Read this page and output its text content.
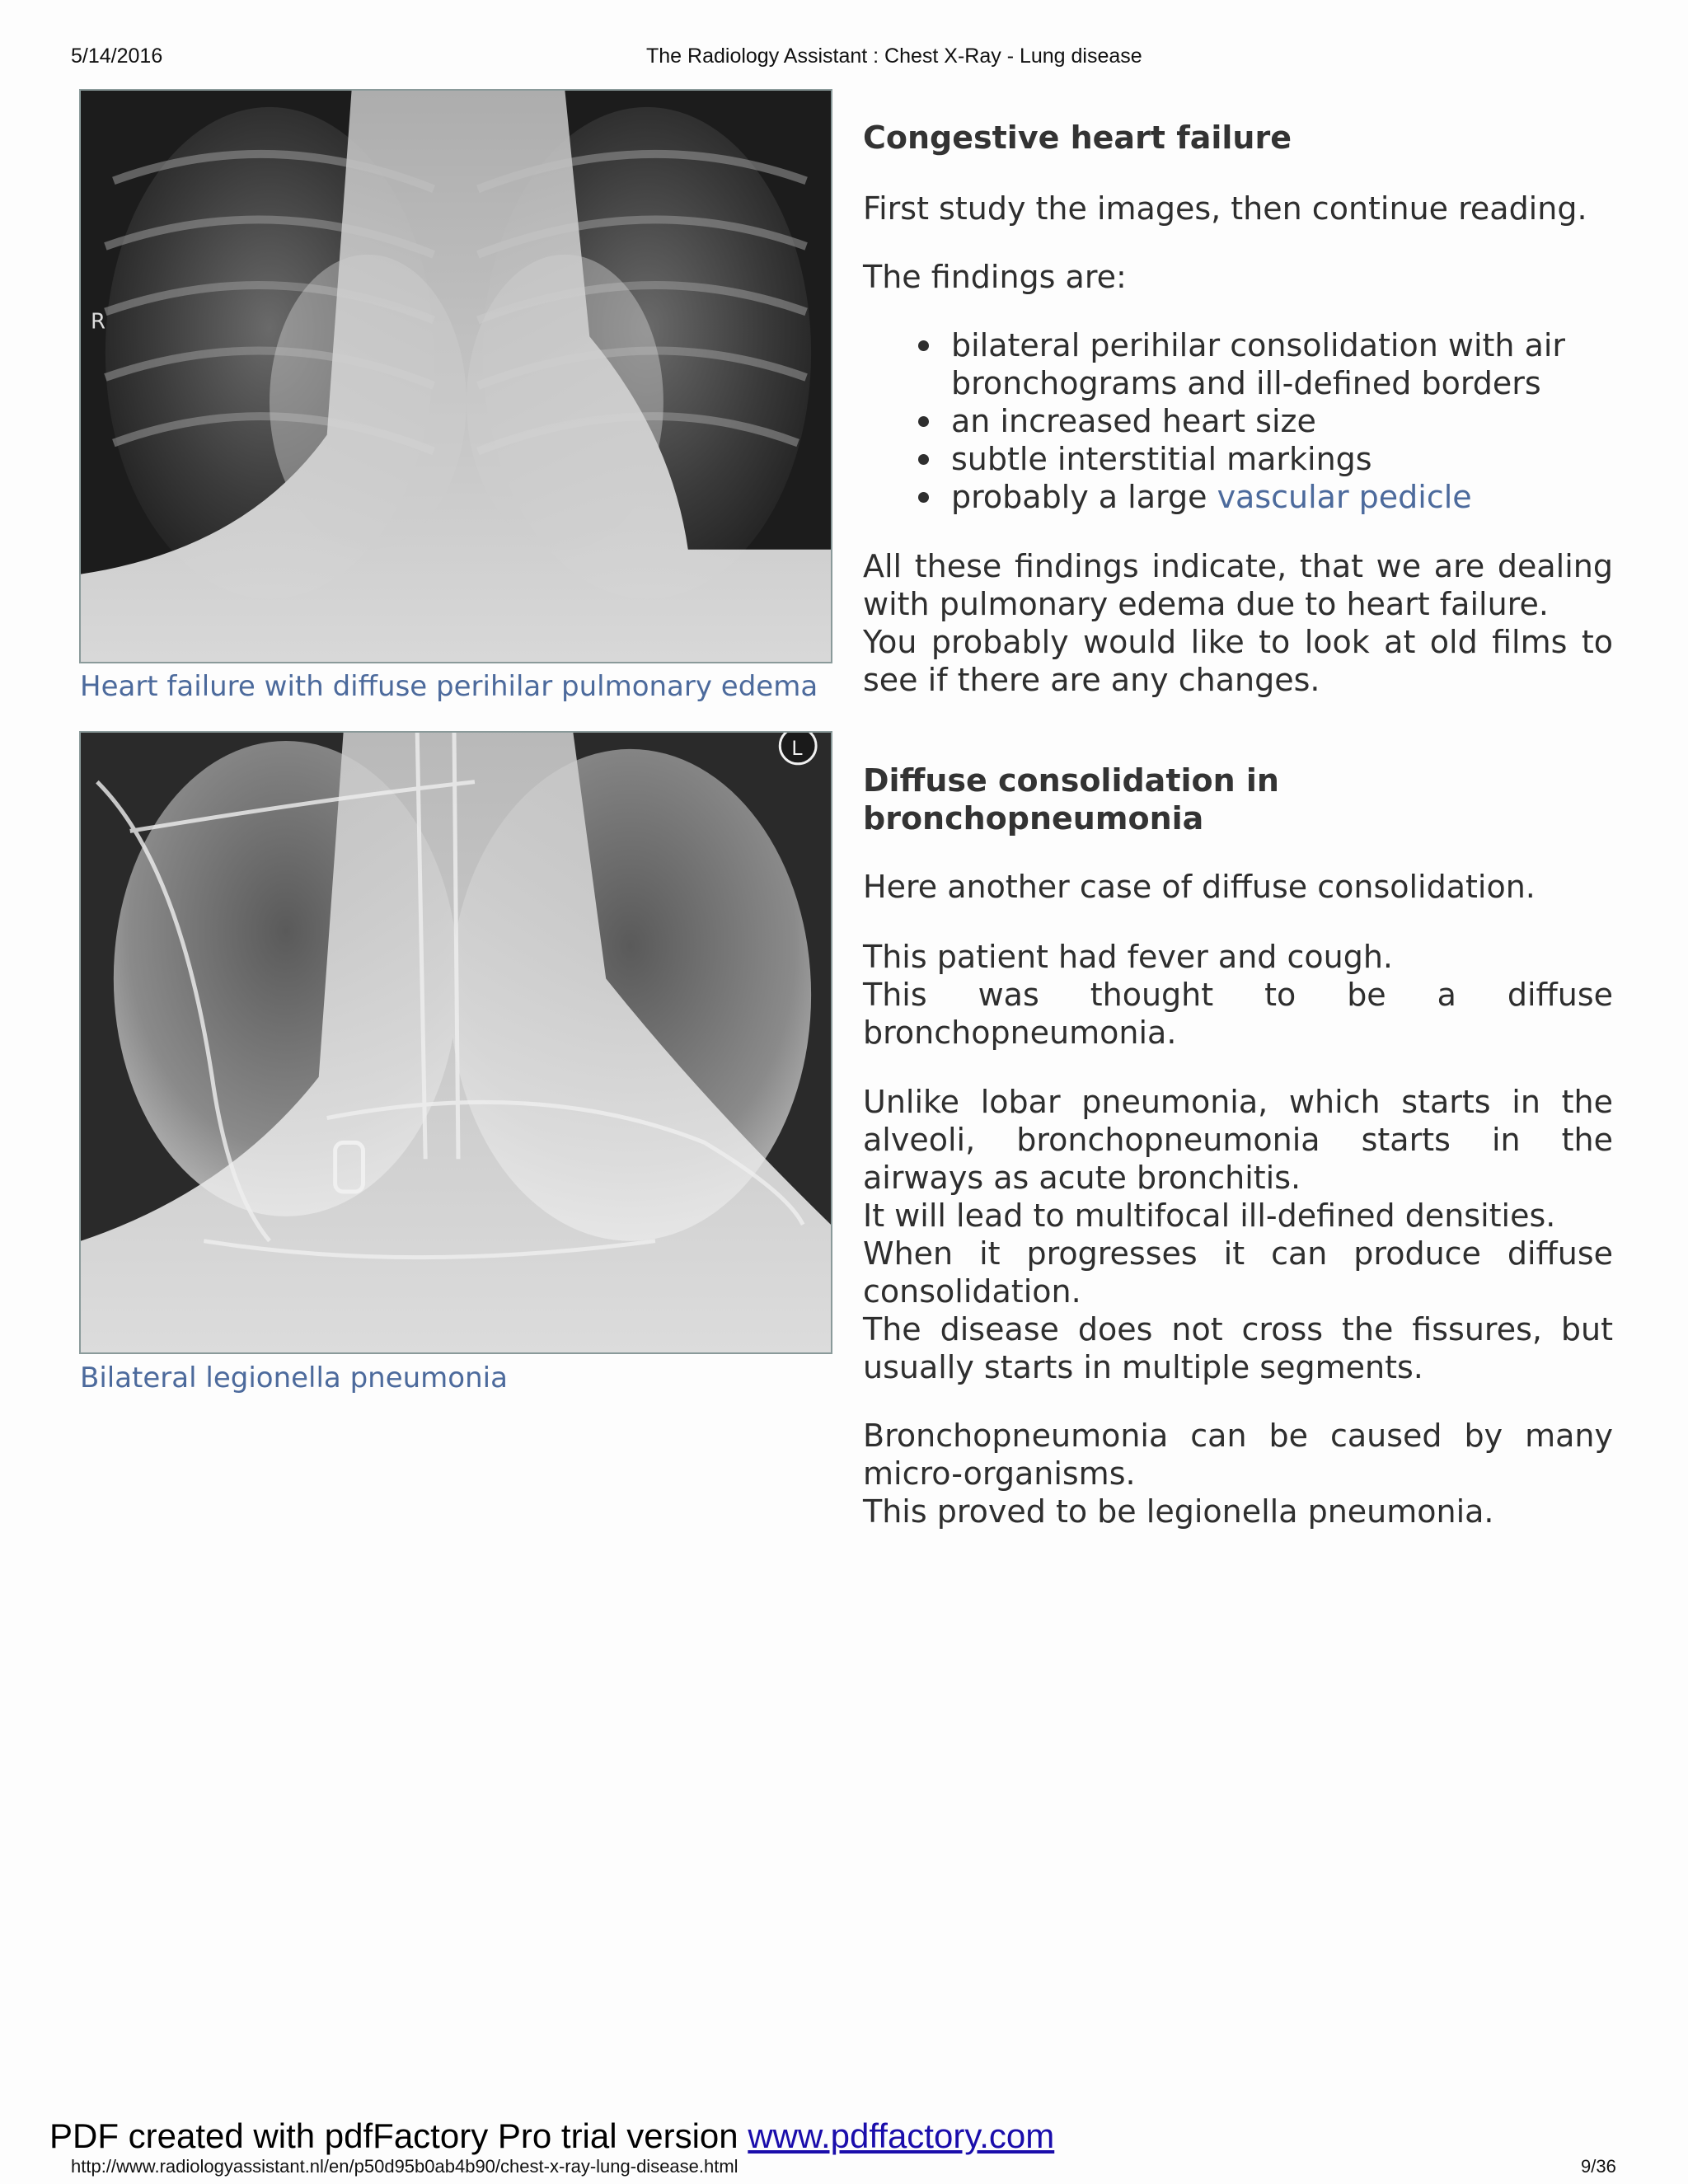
5/14/2016	The Radiology Assistant : Chest X-Ray - Lung disease
R
Heart failure with diffuse perihilar pulmonary edema
L
Bilateral legionella pneumonia

Congestive heart failure

First study the images, then continue reading.

The findings are:

bilateral perihilar consolidation with air bronchograms and ill-defined borders
an increased heart size
subtle interstitial markings
probably a large vascular pedicle

All these findings indicate, that we are dealing with pulmonary edema due to heart failure.

You probably would like to look at old films to see if there are any changes.

Diffuse consolidation in bronchopneumonia

Here another case of diffuse consolidation.

This patient had fever and cough.

This was thought to be a diffuse

bronchopneumonia.

Unlike lobar pneumonia, which starts in the alveoli, bronchopneumonia starts in the airways as acute bronchitis.

It will lead to multifocal ill-defined densities.

When it progresses it can produce diffuse consolidation.

The disease does not cross the fissures, but usually starts in multiple segments.

Bronchopneumonia can be caused by many micro-organisms.

This proved to be legionella pneumonia.

http://www.radiologyassistant.nl/en/p50d95b0ab4b90/chest-x-ray-lung-disease.html	9/36
PDF created with pdfFactory Pro trial version www.pdffactory.com
